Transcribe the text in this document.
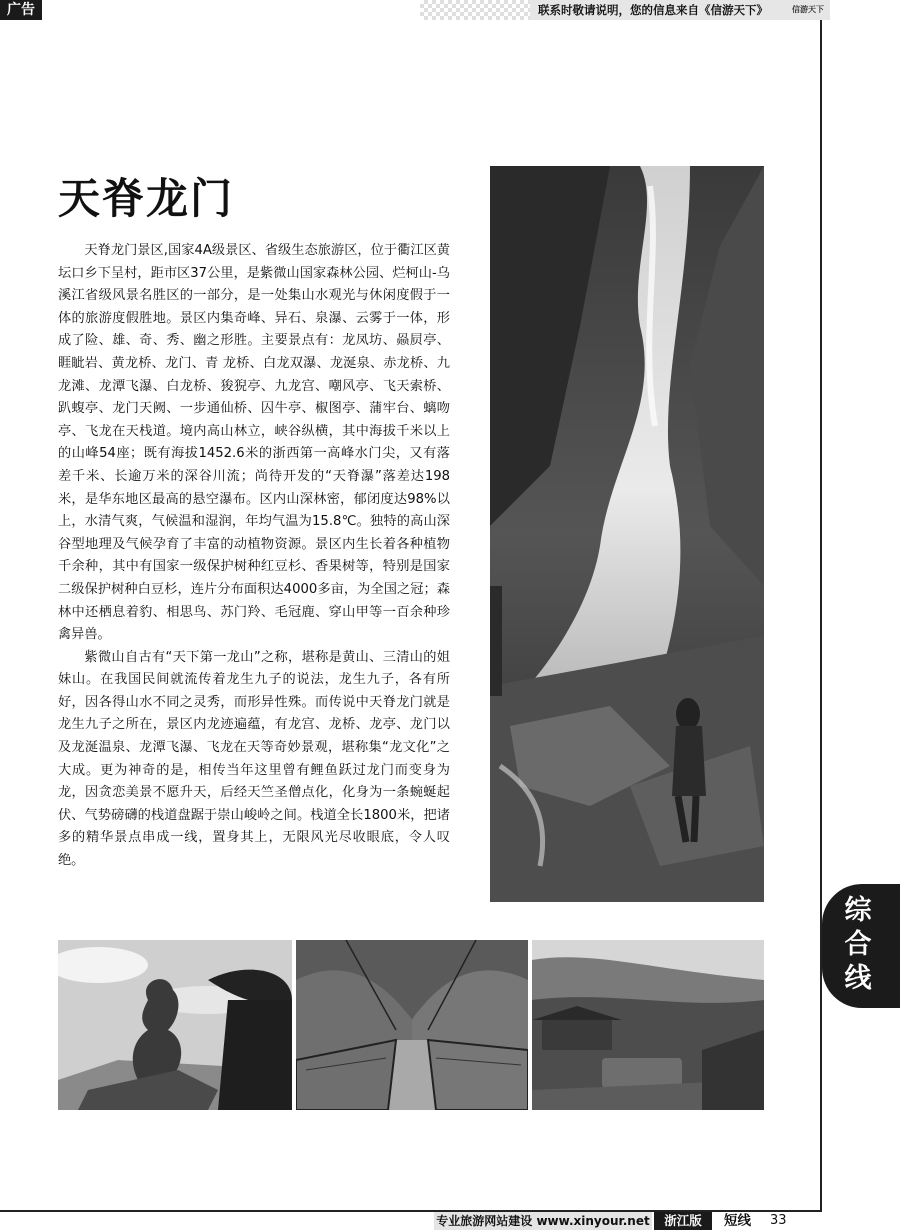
广告	联系时敬请说明，您的信息来自《信游天下》	信游天下
天脊龙门

天脊龙门景区,国家4A级景区、省级生态旅游区，位于衢江区黄坛口乡下呈村，距市区37公里，是紫微山国家森林公园、烂柯山-乌溪江省级风景名胜区的一部分，是一处集山水观光与休闲度假于一体的旅游度假胜地。景区内集奇峰、异石、泉瀑、云雾于一体，形成了险、雄、奇、秀、幽之形胜。主要景点有：龙凤坊、赑屃亭、睚眦岩、黄龙桥、龙门、青 龙桥、白龙双瀑、龙涎泉、赤龙桥、九龙滩、龙潭飞瀑、白龙桥、狻猊亭、九龙宫、嘲风亭、飞天索桥、趴蝮亭、龙门天阙、一步通仙桥、囚牛亭、椒图亭、蒲牢台、螭吻亭、飞龙在天栈道。境内高山林立，峡谷纵横，其中海拔千米以上的山峰54座；既有海拔1452.6米的浙西第一高峰水门尖，又有落差千米、长逾万米的深谷川流；尚待开发的“天脊瀑”落差达198米，是华东地区最高的悬空瀑布。区内山深林密，郁闭度达98%以上，水清气爽，气候温和湿润，年均气温为15.8℃。独特的高山深谷型地理及气候孕育了丰富的动植物资源。景区内生长着各种植物千余种，其中有国家一级保护树种红豆杉、香果树等，特别是国家二级保护树种白豆杉，连片分布面积达4000多亩，为全国之冠；森林中还栖息着豹、相思鸟、苏门羚、毛冠鹿、穿山甲等一百余种珍禽异兽。

紫微山自古有“天下第一龙山”之称，堪称是黄山、三清山的姐妹山。在我国民间就流传着龙生九子的说法，龙生九子，各有所好，因各得山水不同之灵秀，而形异性殊。而传说中天脊龙门就是龙生九子之所在，景区内龙迹遍蕴，有龙宫、龙桥、龙亭、龙门以及龙涎温泉、龙潭飞瀑、飞龙在天等奇妙景观，堪称集“龙文化”之大成。更为神奇的是，相传当年这里曾有鲤鱼跃过龙门而变身为龙，因贪恋美景不愿升天，后经天竺圣僧点化，化身为一条蜿蜒起伏、气势磅礴的栈道盘踞于崇山峻岭之间。栈道全长1800米，把诸多的精华景点串成一线，置身其上，无限风光尽收眼底，令人叹绝。

综合线
专业旅游网站建设 www.xinyour.net	浙江版	短线 33
